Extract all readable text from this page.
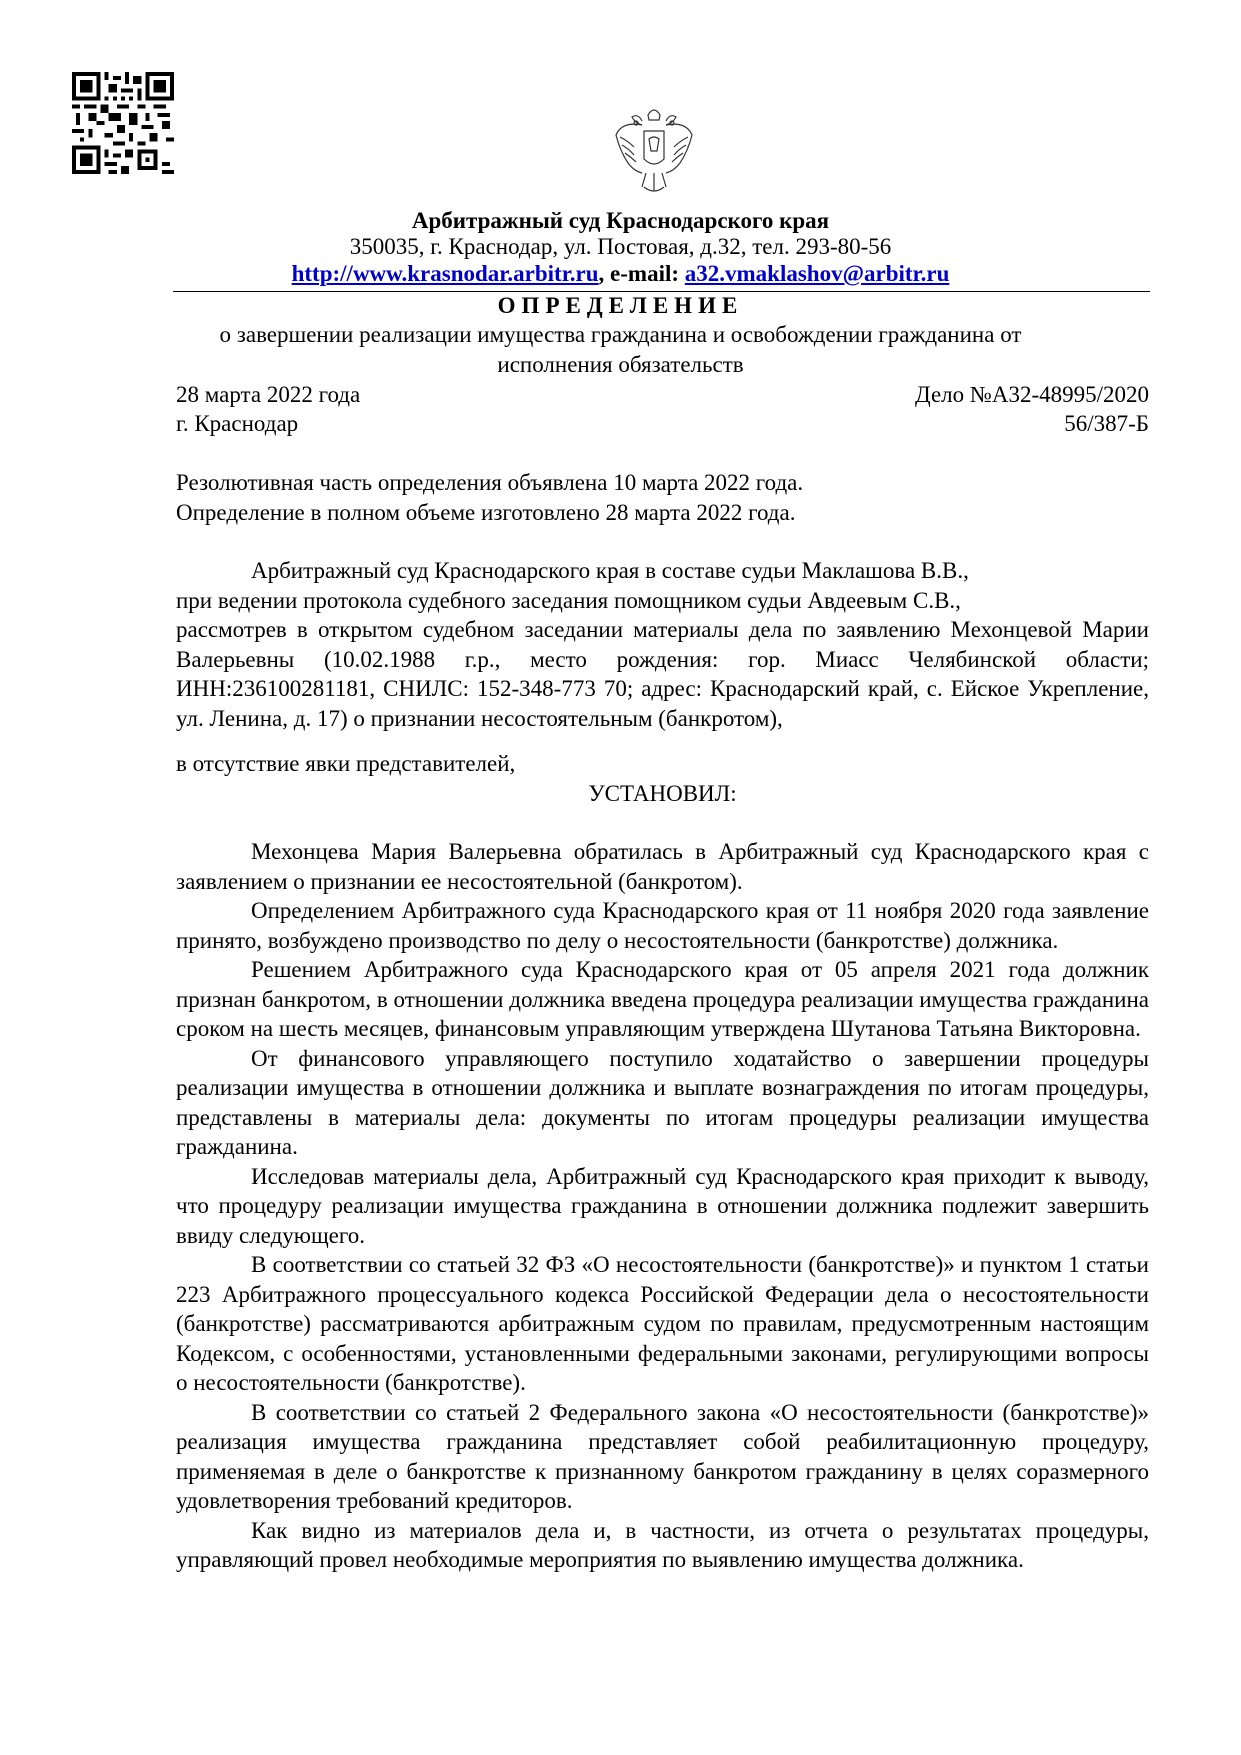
Арбитражный суд Краснодарского края
350035, г. Краснодар, ул. Постовая, д.32, тел. 293-80-56
http://www.krasnodar.arbitr.ru, e-mail: a32.vmaklashov@arbitr.ru
ОПРЕДЕЛЕНИЕ
о завершении реализации имущества гражданина и освобождении гражданина от исполнения обязательств
28 марта 2022 года
г. Краснодар
Дело №А32-48995/2020
56/387-Б
Резолютивная часть определения объявлена 10 марта 2022 года.
Определение в полном объеме изготовлено 28 марта 2022 года.
Арбитражный суд Краснодарского края в составе судьи Маклашова В.В.,
при ведении протокола судебного заседания помощником судьи Авдеевым С.В.,

рассмотрев в открытом судебном заседании материалы дела по заявлению Мехонцевой Марии Валерьевны (10.02.1988 г.р., место рождения: гор. Миасс Челябинской области; ИНН:236100281181, СНИЛС: 152-348-773 70; адрес: Краснодарский край, с. Ейское Укрепление, ул. Ленина, д. 17) о признании несостоятельным (банкротом),

в отсутствие явки представителей,
УСТАНОВИЛ:

Мехонцева Мария Валерьевна обратилась в Арбитражный суд Краснодарского края с заявлением о признании ее несостоятельной (банкротом).

Определением Арбитражного суда Краснодарского края от 11 ноября 2020 года заявление принято, возбуждено производство по делу о несостоятельности (банкротстве) должника.

Решением Арбитражного суда Краснодарского края от 05 апреля 2021 года должник признан банкротом, в отношении должника введена процедура реализации имущества гражданина сроком на шесть месяцев, финансовым управляющим утверждена Шутанова Татьяна Викторовна.

От финансового управляющего поступило ходатайство о завершении процедуры реализации имущества в отношении должника и выплате вознаграждения по итогам процедуры, представлены в материалы дела: документы по итогам процедуры реализации имущества гражданина.

Исследовав материалы дела, Арбитражный суд Краснодарского края приходит к выводу, что процедуру реализации имущества гражданина в отношении должника подлежит завершить ввиду следующего.

В соответствии со статьей 32 ФЗ «О несостоятельности (банкротстве)» и пунктом 1 статьи 223 Арбитражного процессуального кодекса Российской Федерации дела о несостоятельности (банкротстве) рассматриваются арбитражным судом по правилам, предусмотренным настоящим Кодексом, с особенностями, установленными федеральными законами, регулирующими вопросы о несостоятельности (банкротстве).

В соответствии со статьей 2 Федерального закона «О несостоятельности (банкротстве)» реализация имущества гражданина представляет собой реабилитационную процедуру, применяемая в деле о банкротстве к признанному банкротом гражданину в целях соразмерного удовлетворения требований кредиторов.

Как видно из материалов дела и, в частности, из отчета о результатах процедуры, управляющий провел необходимые мероприятия по выявлению имущества должника.
